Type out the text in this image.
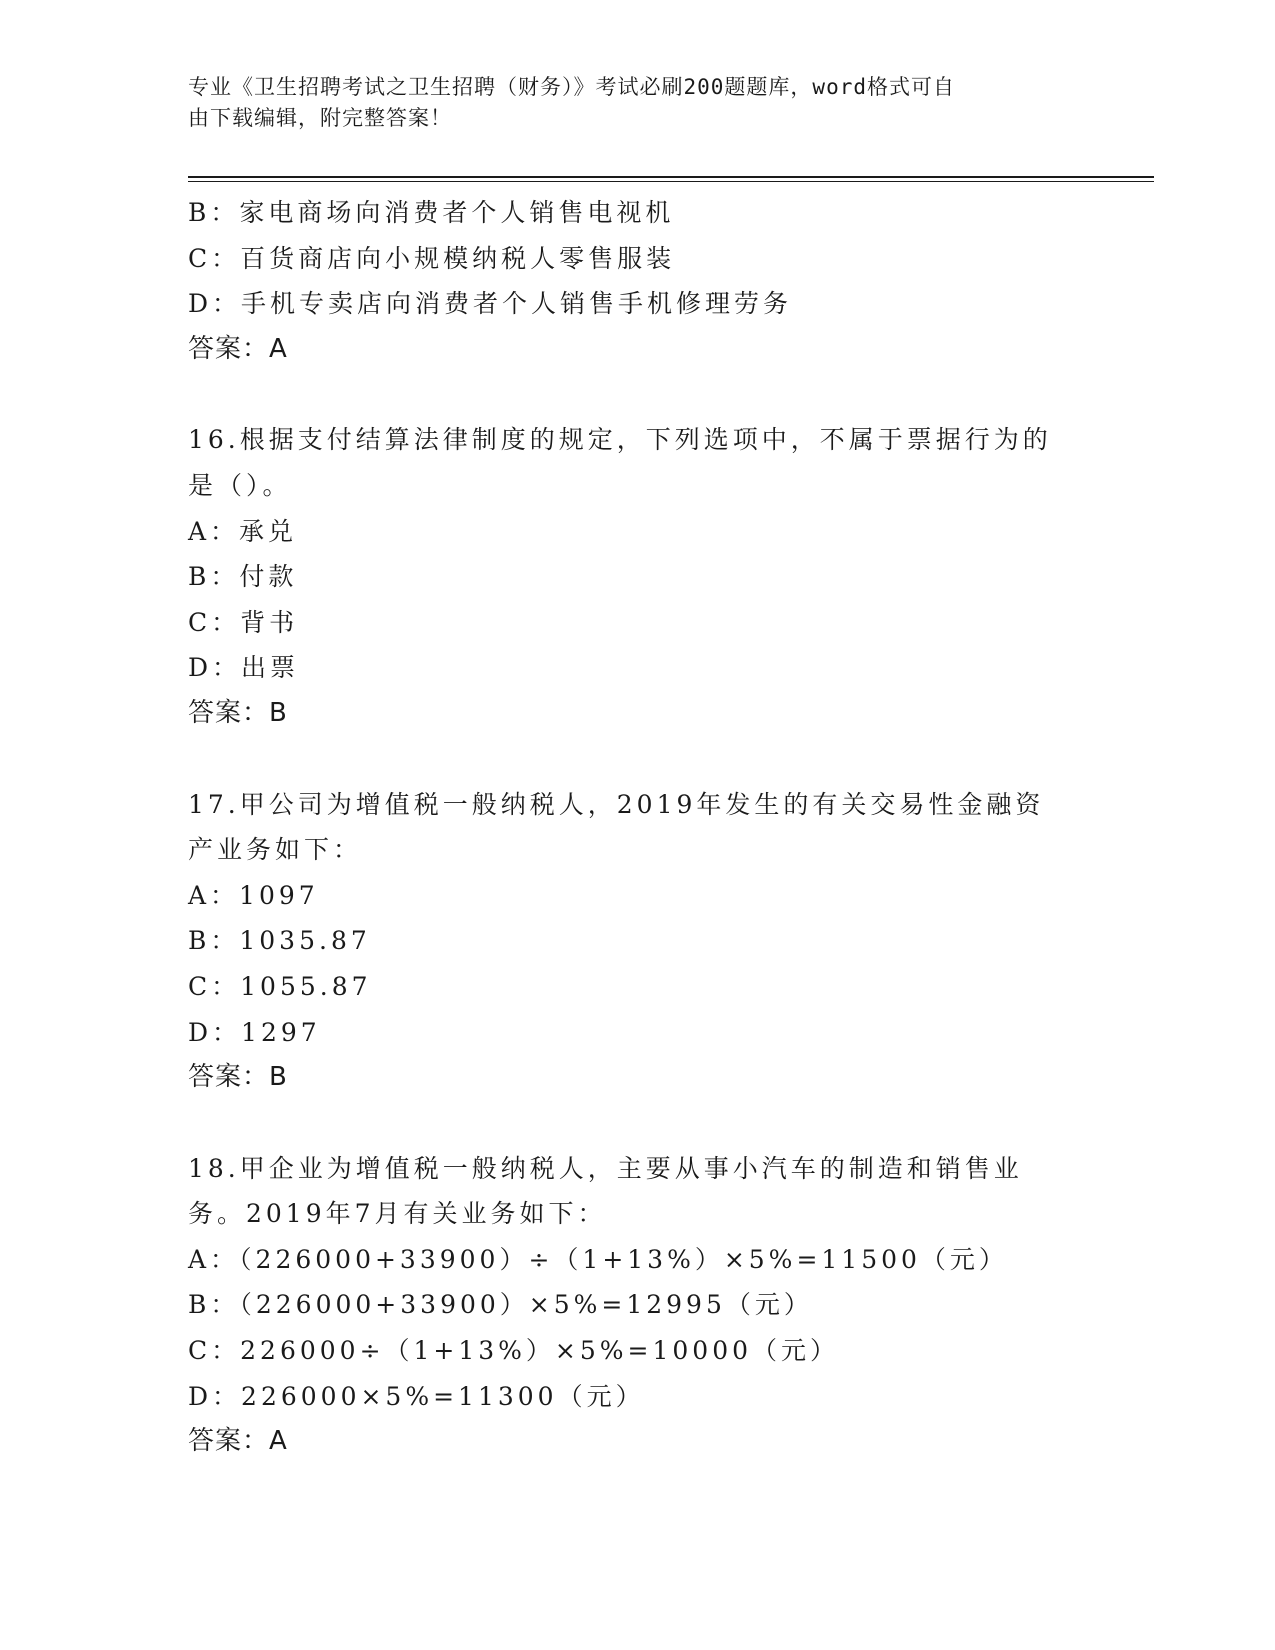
专业《卫生招聘考试之卫生招聘（财务）》考试必刷200题题库，word格式可自
由下载编辑，附完整答案！
B：家电商场向消费者个人销售电视机
C：百货商店向小规模纳税人零售服装
D：手机专卖店向消费者个人销售手机修理劳务
答案：A
16.根据支付结算法律制度的规定，下列选项中，不属于票据行为的是（）。
A：承兑
B：付款
C：背书
D：出票
答案：B
17.甲公司为增值税一般纳税人，2019年发生的有关交易性金融资产业务如下：
A：1097
B：1035.87
C：1055.87
D：1297
答案：B
18.甲企业为增值税一般纳税人，主要从事小汽车的制造和销售业务。2019年7月有关业务如下：
A：（226000+33900）÷（1+13%）×5%=11500（元）
B：（226000+33900）×5%=12995（元）
C：226000÷（1+13%）×5%=10000（元）
D：226000×5%=11300（元）
答案：A
